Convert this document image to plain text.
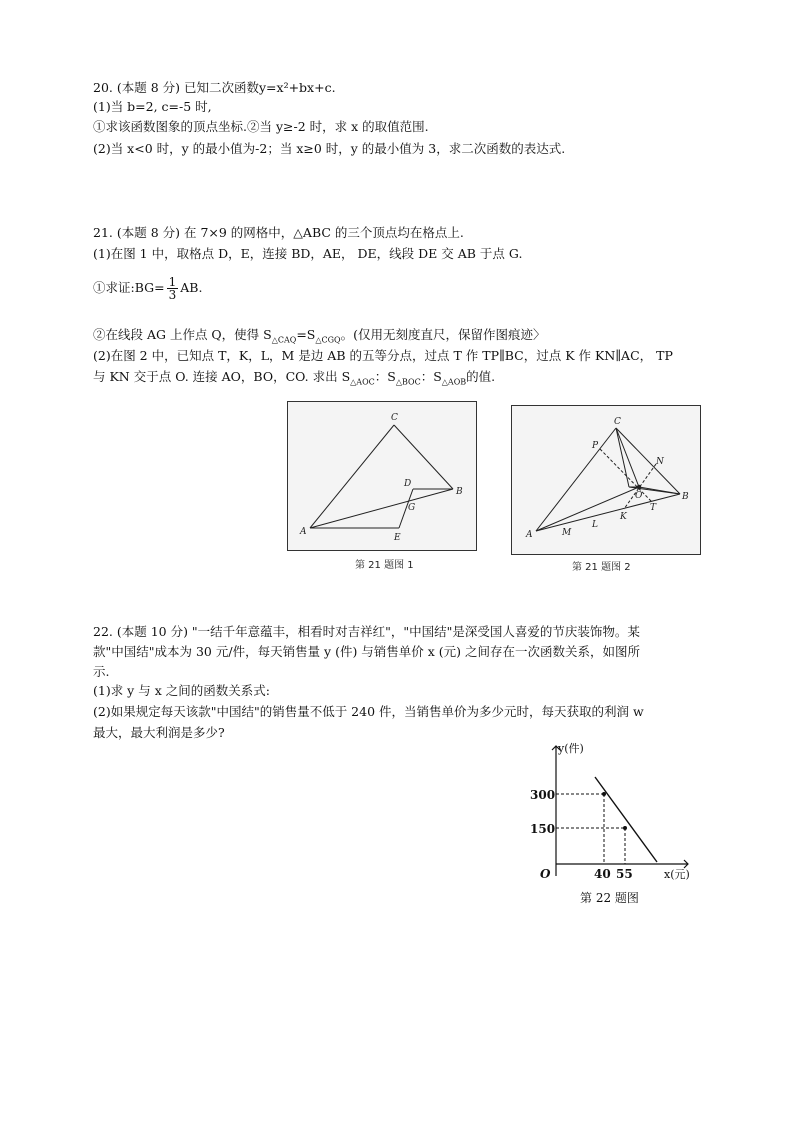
20. (本题 8 分) 已知二次函数y=x²+bx+c.
(1)当 b=2, c=-5 时,
①求该函数图象的顶点坐标.②当 y≥-2 时，求 x 的取值范围.
(2)当 x<0 时，y 的最小值为-2；当 x≥0 时，y 的最小值为 3，求二次函数的表达式.
21. (本题 8 分) 在 7×9 的网格中，△ABC 的三个顶点均在格点上.
(1)在图 1 中，取格点 D，E，连接 BD，AE， DE，线段 DE 交 AB 于点 G.
①求证:BG= $\frac{1}{3}$ AB.
②在线段 AG 上作点 Q，使得 $S_{\triangle CAQ}=S_{\triangle CGQ}$。(仅用无刻度直尺，保留作图痕迹〉
(2)在图 2 中，已知点 T，K，L，M 是边 AB 的五等分点，过点 T 作 TP∥BC，过点 K 作 KN∥AC， TP
与 KN 交于点 O. 连接 AO，BO，CO. 求出 $S_{\triangle AOC}$：$S_{\triangle BOC}$：$S_{\triangle AOB}$的值.
A
B
C
D
E
G
第 21 题图 1
A
B
C
P
N
O
T
K
L
M
第 21 题图 2
22. (本题 10 分) "一结千年意蕴丰，相看时对吉祥红"，"中国结"是深受国人喜爱的节庆装饰物。某
款"中国结"成本为 30 元/件，每天销售量 y (件) 与销售单价 x (元) 之间存在一次函数关系，如图所
示.
(1)求 y 与 x 之间的函数关系式:
(2)如果规定每天该款"中国结"的销售量不低于 240 件，当销售单价为多少元时，每天获取的利润 w
最大，最大利润是多少?
y(件)
300
150
40 55
O	x(元)
第 22 题图
